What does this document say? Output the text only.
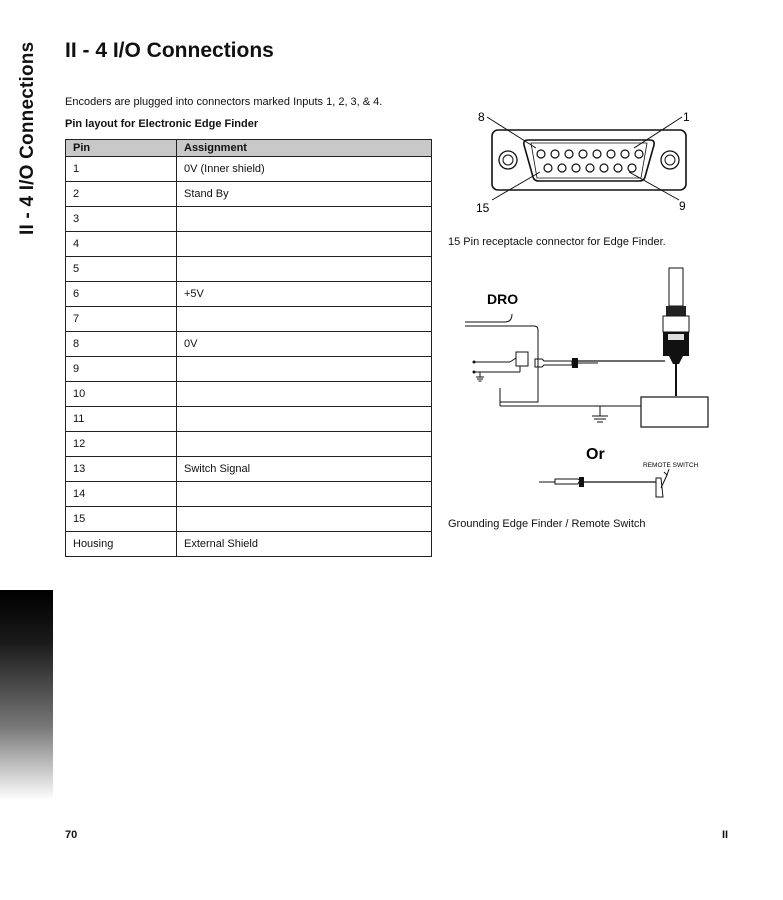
II - 4 I/O Connections II - 4 I/O Connections
Encoders are plugged into connectors marked Inputs 1, 2, 3, & 4.
Pin layout for Electronic Edge Finder
Pin	Assignment
1	0V (Inner shield)
2	Stand By
3	
4	
5	
6	+5V
7	
8	0V
9	
10	
11	
12	
13	Switch Signal
14	
15	
Housing	External Shield
8	1
15	9
15 Pin receptacle connector for Edge Finder.
DRO
Or
REMOTE SWITCH
Grounding Edge Finder / Remote Switch
70	II
